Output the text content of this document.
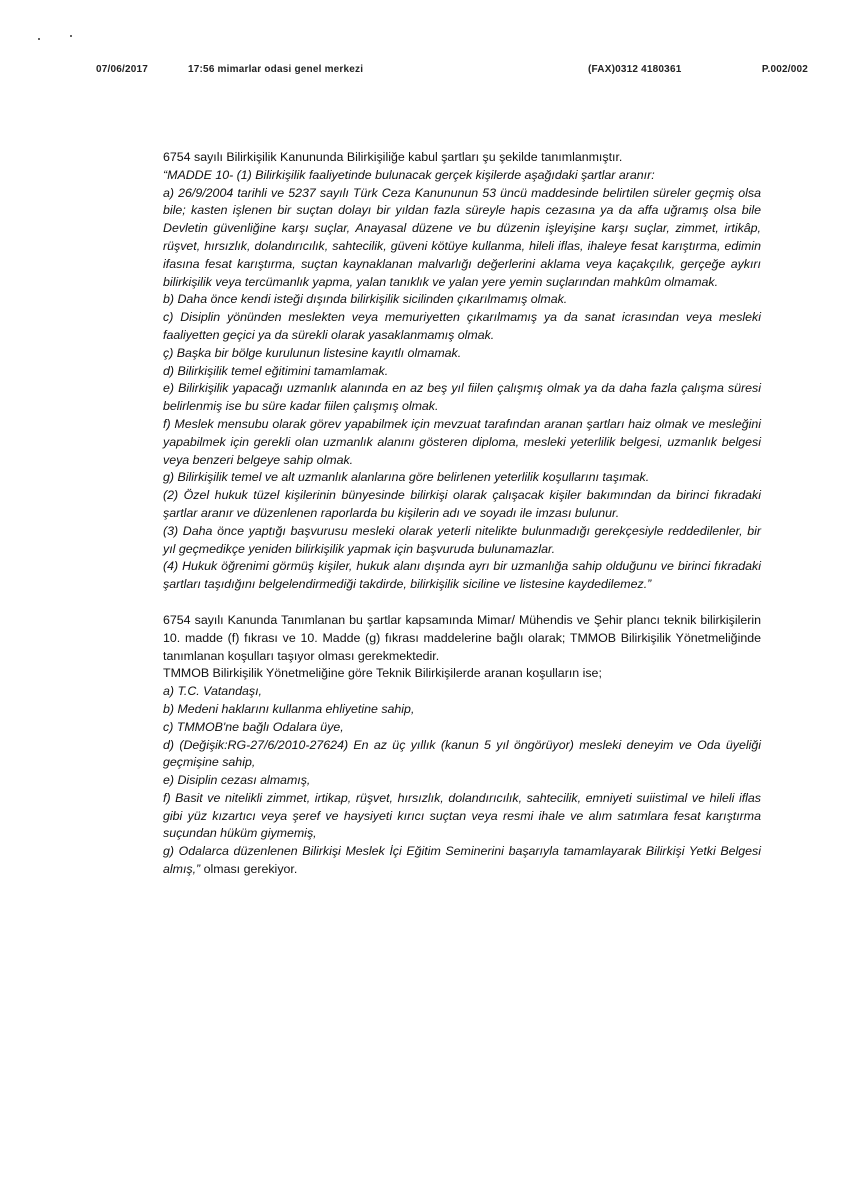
07/06/2017	17:56 mimarlar odasi genel merkezi	(FAX)0312 4180361	P.002/002

6754 sayılı Bilirkişilik Kanununda Bilirkişiliğe kabul şartları şu şekilde tanımlanmıştır.

“MADDE 10- (1) Bilirkişilik faaliyetinde bulunacak gerçek kişilerde aşağıdaki şartlar aranır:

a) 26/9/2004 tarihli ve 5237 sayılı Türk Ceza Kanununun 53 üncü maddesinde belirtilen süreler geçmiş olsa bile; kasten işlenen bir suçtan dolayı bir yıldan fazla süreyle hapis cezasına ya da affa uğramış olsa bile Devletin güvenliğine karşı suçlar, Anayasal düzene ve bu düzenin işleyişine karşı suçlar, zimmet, irtikâp, rüşvet, hırsızlık, dolandırıcılık, sahtecilik, güveni kötüye kullanma, hileli iflas, ihaleye fesat karıştırma, edimin ifasına fesat karıştırma, suçtan kaynaklanan malvarlığı değerlerini aklama veya kaçakçılık, gerçeğe aykırı bilirkişilik veya tercümanlık yapma, yalan tanıklık ve yalan yere yemin suçlarından mahkûm olmamak.

b) Daha önce kendi isteği dışında bilirkişilik sicilinden çıkarılmamış olmak.

c) Disiplin yönünden meslekten veya memuriyetten çıkarılmamış ya da sanat icrasından veya mesleki faaliyetten geçici ya da sürekli olarak yasaklanmamış olmak.

ç) Başka bir bölge kurulunun listesine kayıtlı olmamak.

d) Bilirkişilik temel eğitimini tamamlamak.

e) Bilirkişilik yapacağı uzmanlık alanında en az beş yıl fiilen çalışmış olmak ya da daha fazla çalışma süresi belirlenmiş ise bu süre kadar fiilen çalışmış olmak.

f) Meslek mensubu olarak görev yapabilmek için mevzuat tarafından aranan şartları haiz olmak ve mesleğini yapabilmek için gerekli olan uzmanlık alanını gösteren diploma, mesleki yeterlilik belgesi, uzmanlık belgesi veya benzeri belgeye sahip olmak.

g) Bilirkişilik temel ve alt uzmanlık alanlarına göre belirlenen yeterlilik koşullarını taşımak.

(2) Özel hukuk tüzel kişilerinin bünyesinde bilirkişi olarak çalışacak kişiler bakımından da birinci fıkradaki şartlar aranır ve düzenlenen raporlarda bu kişilerin adı ve soyadı ile imzası bulunur.

(3) Daha önce yaptığı başvurusu mesleki olarak yeterli nitelikte bulunmadığı gerekçesiyle reddedilenler, bir yıl geçmedikçe yeniden bilirkişilik yapmak için başvuruda bulunamazlar.

(4) Hukuk öğrenimi görmüş kişiler, hukuk alanı dışında ayrı bir uzmanlığa sahip olduğunu ve birinci fıkradaki şartları taşıdığını belgelendirmediği takdirde, bilirkişilik siciline ve listesine kaydedilemez.”

6754 sayılı Kanunda Tanımlanan bu şartlar kapsamında Mimar/ Mühendis ve Şehir plancı teknik bilirkişilerin 10. madde (f) fıkrası ve 10. Madde (g) fıkrası maddelerine bağlı olarak; TMMOB Bilirkişilik Yönetmeliğinde tanımlanan koşulları taşıyor olması gerekmektedir.

TMMOB Bilirkişilik Yönetmeliğine göre Teknik Bilirkişilerde aranan koşulların ise;

a) T.C. Vatandaşı,

b) Medeni haklarını kullanma ehliyetine sahip,

c) TMMOB'ne bağlı Odalara üye,

d) (Değişik:RG-27/6/2010-27624) En az üç yıllık (kanun 5 yıl öngörüyor) mesleki deneyim ve Oda üyeliği geçmişine sahip,

e) Disiplin cezası almamış,

f) Basit ve nitelikli zimmet, irtikap, rüşvet, hırsızlık, dolandırıcılık, sahtecilik, emniyeti suiistimal ve hileli iflas gibi yüz kızartıcı veya şeref ve haysiyeti kırıcı suçtan veya resmi ihale ve alım satımlara fesat karıştırma suçundan hüküm giymemiş,

g) Odalarca düzenlenen Bilirkişi Meslek İçi Eğitim Seminerini başarıyla tamamlayarak Bilirkişi Yetki Belgesi almış,” olması gerekiyor.
